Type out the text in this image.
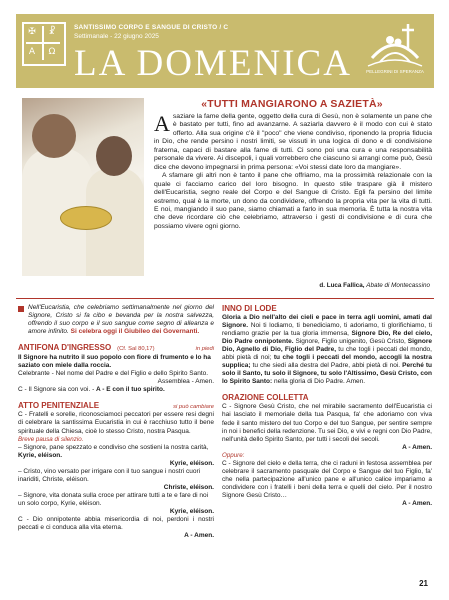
✠	☧
Α	Ω
SANTISSIMO CORPO E SANGUE DI CRISTO / C
Settimanale - 22 giugno 2025
LA DOMENICA	PELLEGRINI DI SPERANZA
«TUTTI MANGIARONO A SAZIETÀ»

Asaziare la fame della gente, oggetto della cura di Gesù, non è solamente un pane che è bastato per tutti, fino ad avanzarne. A saziarla davvero è il modo con cui è stato offerto. Alla sua origine c'è il "poco" che viene condiviso, riponendo la propria fiducia in Dio, che rende persino i nostri limiti, se vissuti in una logica di dono e di condivisione fraterna, capaci di bastare alla fame di tutti. Ci sono poi una cura e una responsabilità personale da vivere. Ai discepoli, i quali vorrebbero che ciascuno si arrangi come può, Gesù dice che devono impegnarsi in prima persona: «Voi stessi date loro da mangiare».

A sfamare gli altri non è tanto il pane che offriamo, ma la prossimità relazionale con la quale ci facciamo carico del loro bisogno. In questo stile traspare già il mistero dell'Eucaristia, segno reale del Corpo e del Sangue di Cristo. Egli fa persino del limite estremo, qual è la morte, un dono da condividere, offrendo la propria vita per la vita di tutti. E noi, mangiando il suo pane, siamo chiamati a farlo in sua memoria. È tutta la nostra vita che deve ricordare ciò che celebriamo, attraverso i gesti di condivisione e di cura che possiamo vivere ogni giorno.

d. Luca Fallica, Abate di Montecassino
Nell'Eucaristia, che celebriamo settimanalmente nel giorno del Signore, Cristo si fa cibo e bevanda per la nostra salvezza, offrendo il suo corpo e il suo sangue come segno di alleanza e amore infinito. Si celebra oggi il Giubileo dei Governanti.
ANTIFONA D'INGRESSO (Cf. Sal 80,17)	in piedi

Il Signore ha nutrito il suo popolo con fiore di frumento e lo ha saziato con miele dalla roccia.

Celebrante - Nel nome del Padre e del Figlio e dello Spirito Santo.

Assemblea - Amen.

C - Il Signore sia con voi. - A - E con il tuo spirito.

ATTO PENITENZIALE	si può cambiare

C - Fratelli e sorelle, riconosciamoci peccatori per essere resi degni di celebrare la santissima Eucaristia in cui è racchiuso tutto il bene spirituale della Chiesa, cioè lo stesso Cristo, nostra Pasqua.

Breve pausa di silenzio.

– Signore, pane spezzato e condiviso che sostieni la nostra carità, Kyrie, eléison.

Kyrie, eléison.

– Cristo, vino versato per irrigare con il tuo sangue i nostri cuori inariditi, Christe, eléison.

Christe, eléison.

– Signore, vita donata sulla croce per attirare tutti a te e fare di noi un solo corpo, Kyrie, eléison.

Kyrie, eléison.

C - Dio onnipotente abbia misericordia di noi, perdoni i nostri peccati e ci conduca alla vita eterna.

A - Amen.

INNO DI LODE

Gloria a Dio nell'alto dei cieli e pace in terra agli uomini, amati dal Signore. Noi ti lodiamo, ti benediciamo, ti adoriamo, ti glorifichiamo, ti rendiamo grazie per la tua gloria immensa, Signore Dio, Re del cielo, Dio Padre onnipotente. Signore, Figlio unigenito, Gesù Cristo, Signore Dio, Agnello di Dio, Figlio del Padre, tu che togli i peccati del mondo, abbi pietà di noi; tu che togli i peccati del mondo, accogli la nostra supplica; tu che siedi alla destra del Padre, abbi pietà di noi. Perché tu solo il Santo, tu solo il Signore, tu solo l'Altissimo, Gesù Cristo, con lo Spirito Santo: nella gloria di Dio Padre. Amen.

ORAZIONE COLLETTA

C - Signore Gesù Cristo, che nel mirabile sacramento dell'Eucaristia ci hai lasciato il memoriale della tua Pasqua, fa' che adoriamo con viva fede il santo mistero del tuo Corpo e del tuo Sangue, per sentire sempre in noi i benefici della redenzione. Tu sei Dio, e vivi e regni con Dio Padre, nell'unità dello Spirito Santo, per tutti i secoli dei secoli.

A - Amen.

Oppure:

C - Signore del cielo e della terra, che ci raduni in festosa assemblea per celebrare il sacramento pasquale del Corpo e Sangue del tuo Figlio, fa' che nella partecipazione all'unico pane e all'unico calice impariamo a condividere con i fratelli i beni della terra e quelli del cielo. Per il nostro Signore Gesù Cristo…

A - Amen.

21
